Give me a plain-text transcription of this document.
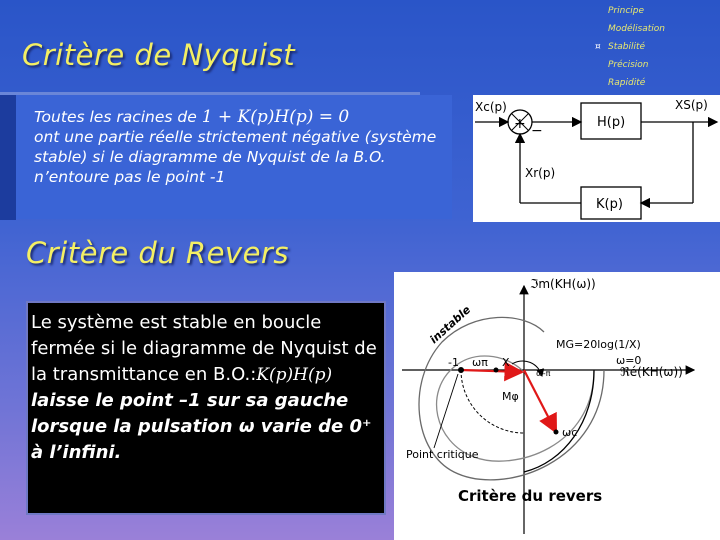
Principe
Modélisation
¤ Stabilité
Précision
Rapidité
Critère de Nyquist
Toutes les racines de 1 + K(p)H(p) = 0
ont une partie réelle strictement négative (système stable) si le diagramme de Nyquist de la B.O. n’entoure pas le point -1
+ −
H(p)
K(p)
Xc(p)	XS(p)
Xr(p)
Critère du Revers
Le système est stable en boucle fermée si le diagramme de Nyquist de la transmittance en B.O.:K(p)H(p)
laisse le point –1 sur sa gauche lorsque la pulsation ω varie de 0⁺ à l’infini.
ℑm(KH(ω))
ℜé(KH(ω))
-1 ωπ X
ω-π
Mφ
ωc
MG=20log(1/X)
ω=0
instable
Point critique
Critère du revers
